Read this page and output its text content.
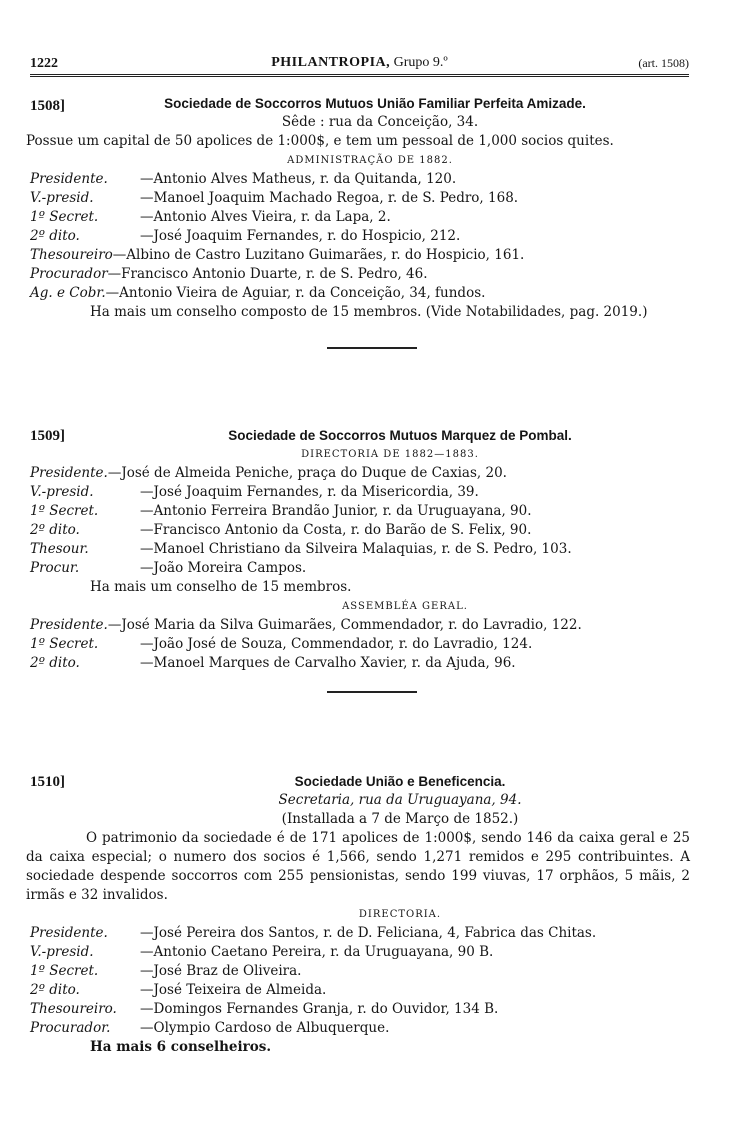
1222	PHILANTROPIA, Grupo 9.º	(art. 1508)
1508]	Sociedade de Soccorros Mutuos União Familiar Perfeita Amizade.
Sêde : rua da Conceição, 34.
Possue um capital de 50 apolices de 1:000$, e tem um pessoal de 1,000 socios quites.
ADMINISTRAÇÃO DE 1882.
Presidente. —Antonio Alves Matheus, r. da Quitanda, 120.
V.-presid.	—Manoel Joaquim Machado Regoa, r. de S. Pedro, 168.
1º Secret.	—Antonio Alves Vieira, r. da Lapa, 2.
2º dito.	—José Joaquim Fernandes, r. do Hospicio, 212.
Thesoureiro—Albino de Castro Luzitano Guimarães, r. do Hospicio, 161.
Procurador—Francisco Antonio Duarte, r. de S. Pedro, 46.
Ag. e Cobr.—Antonio Vieira de Aguiar, r. da Conceição, 34, fundos.
Ha mais um conselho composto de 15 membros. (Vide Notabilidades, pag. 2019.)
1509]	Sociedade de Soccorros Mutuos Marquez de Pombal.
DIRECTORIA DE 1882—1883.
Presidente.—José de Almeida Peniche, praça do Duque de Caxias, 20.
V.-presid.	—José Joaquim Fernandes, r. da Misericordia, 39.
1º Secret.	—Antonio Ferreira Brandão Junior, r. da Uruguayana, 90.
2º dito.	—Francisco Antonio da Costa, r. do Barão de S. Felix, 90.
Thesour.	—Manoel Christiano da Silveira Malaquias, r. de S. Pedro, 103.
Procur.	—João Moreira Campos.
Ha mais um conselho de 15 membros.
ASSEMBLÉA GERAL.
Presidente.—José Maria da Silva Guimarães, Commendador, r. do Lavradio, 122.
1º Secret.	—João José de Souza, Commendador, r. do Lavradio, 124.
2º dito.	—Manoel Marques de Carvalho Xavier, r. da Ajuda, 96.
1510]	Sociedade União e Beneficencia.
Secretaria, rua da Uruguayana, 94.
(Installada a 7 de Março de 1852.)
O patrimonio da sociedade é de 171 apolices de 1:000$, sendo 146 da caixa geral e 25 da caixa especial; o numero dos socios é 1,566, sendo 1,271 remidos e 295 contribuintes. A sociedade despende soccorros com 255 pensionistas, sendo 199 viuvas, 17 orphãos, 5 mãis, 2 irmãs e 32 invalidos.
DIRECTORIA.
Presidente. —José Pereira dos Santos, r. de D. Feliciana, 4, Fabrica das Chitas.
V.-presid.	—Antonio Caetano Pereira, r. da Uruguayana, 90 B.
1º Secret.	—José Braz de Oliveira.
2º dito.	—José Teixeira de Almeida.
Thesoureiro. —Domingos Fernandes Granja, r. do Ouvidor, 134 B.
Procurador. —Olympio Cardoso de Albuquerque.
Ha mais 6 conselheiros.
